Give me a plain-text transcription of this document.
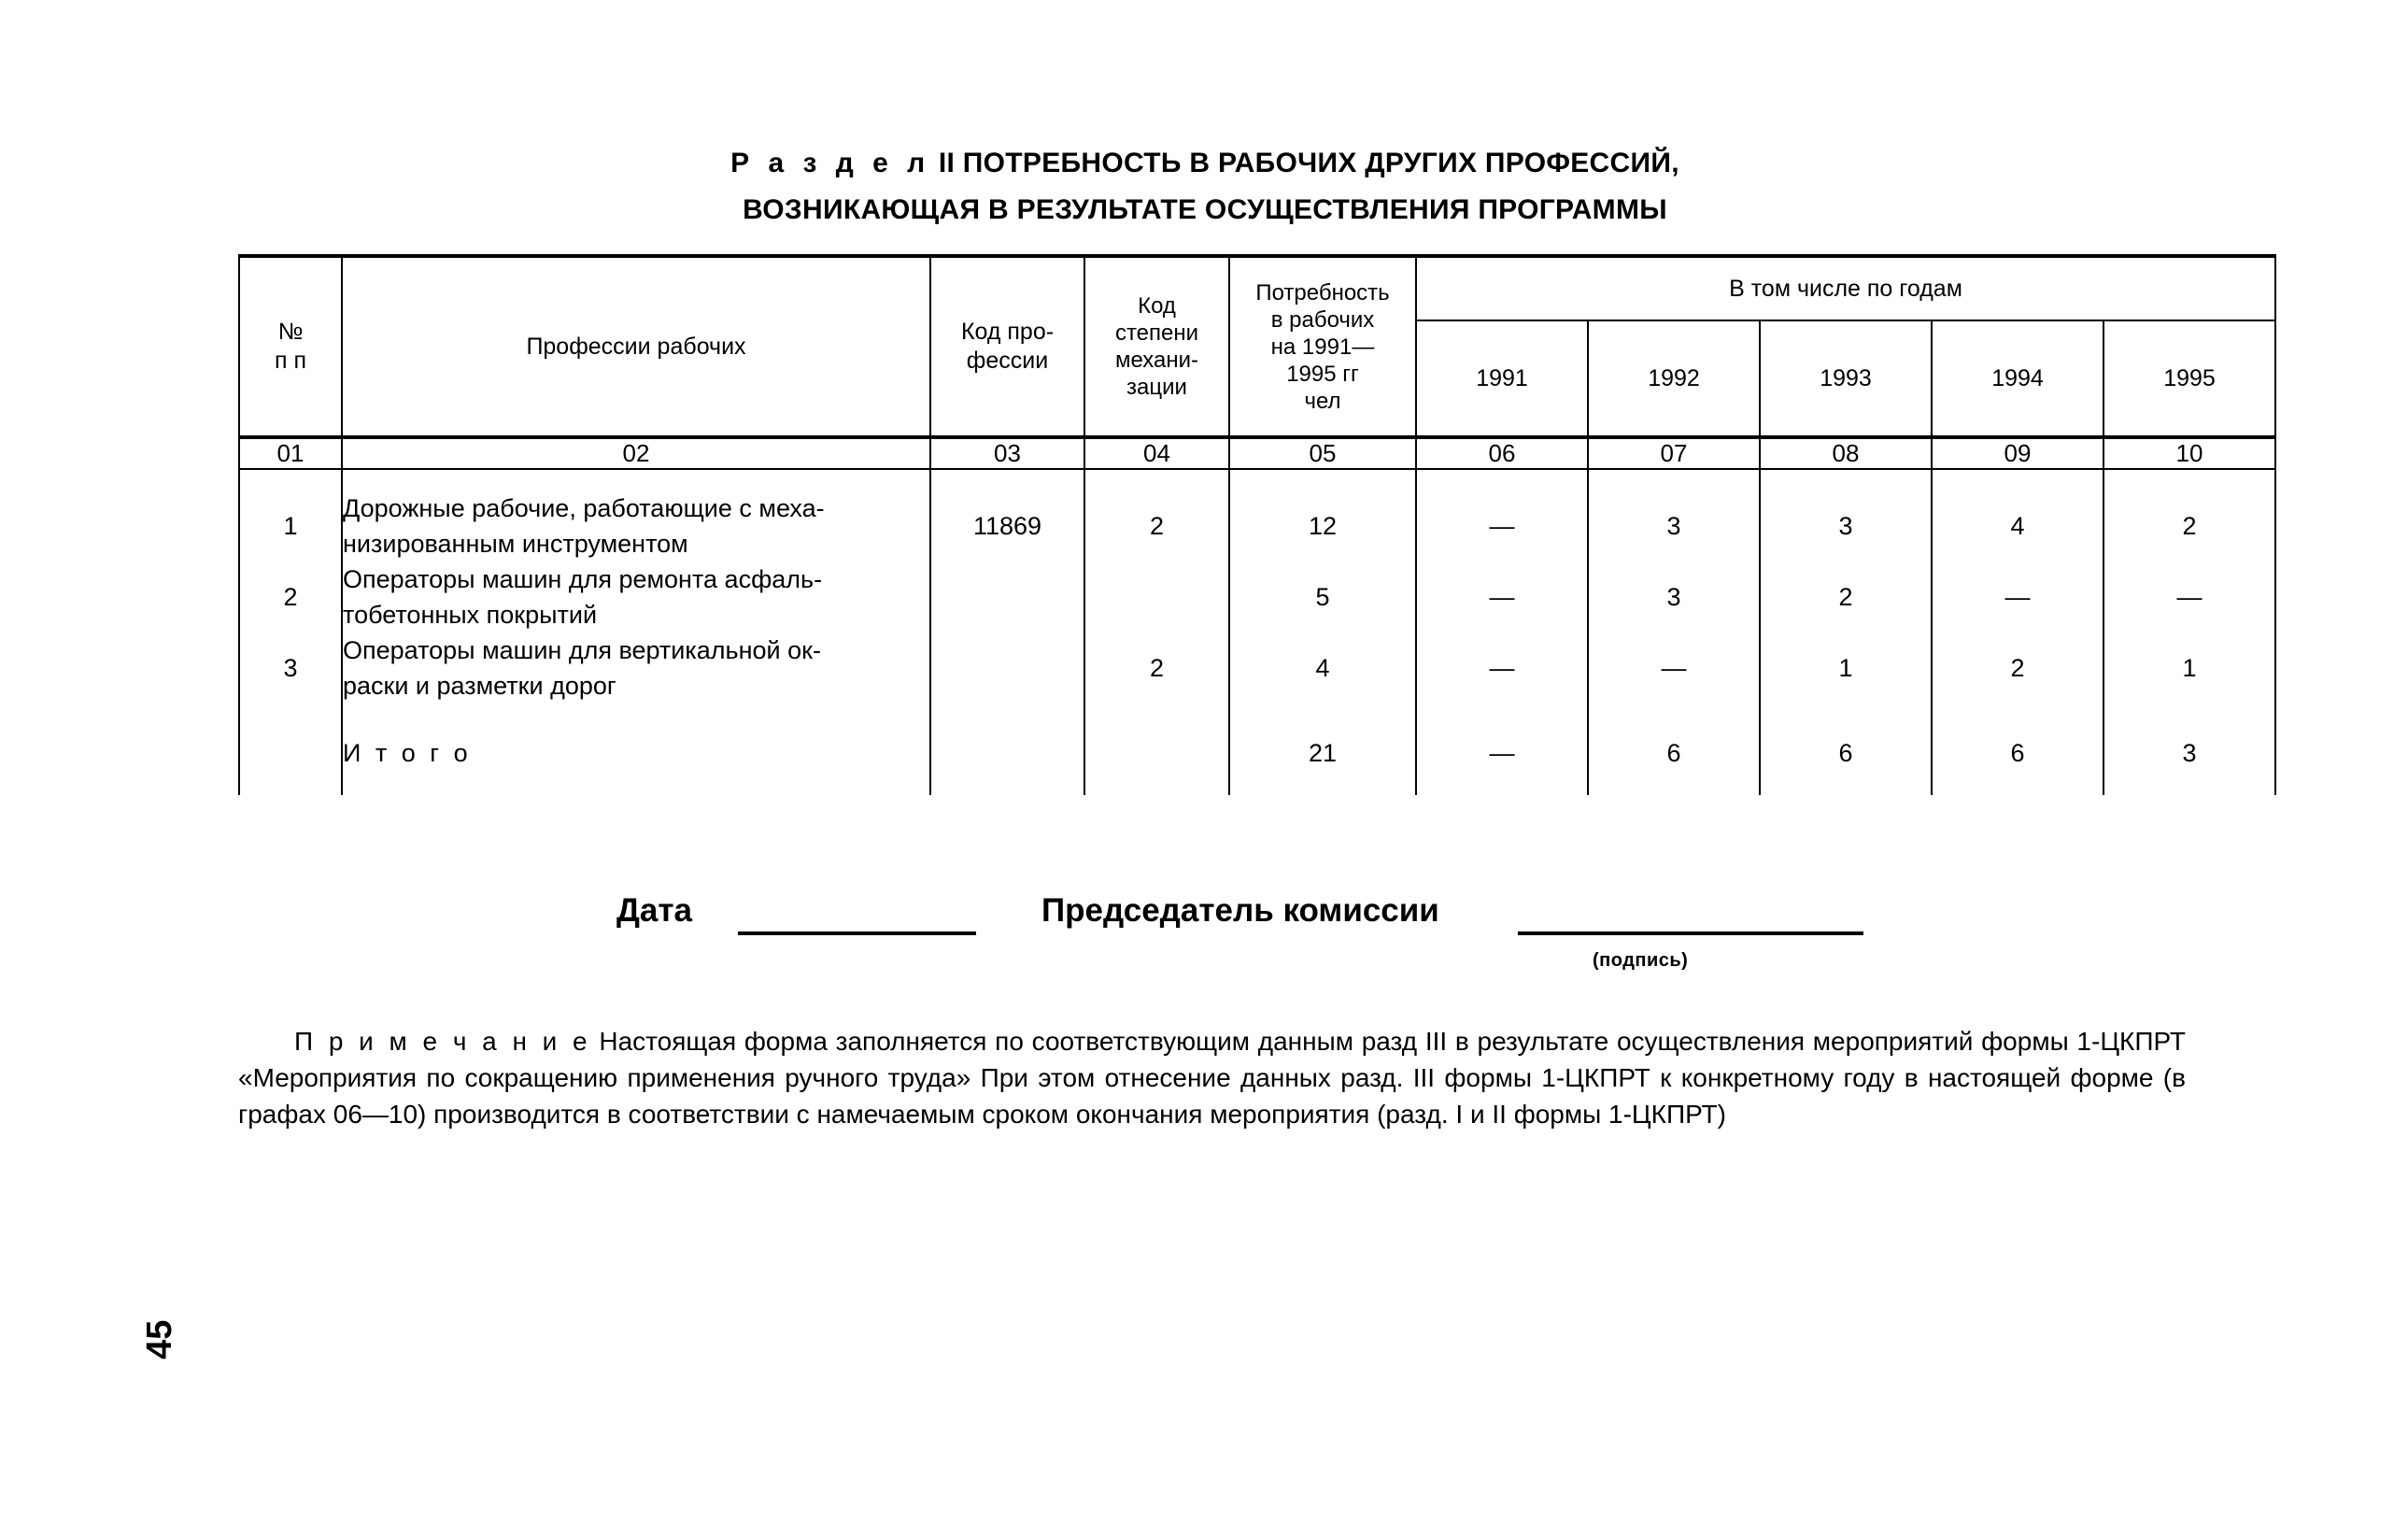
Р а з д е л II ПОТРЕБНОСТЬ В РАБОЧИХ ДРУГИХ ПРОФЕССИЙ,
ВОЗНИКАЮЩАЯ В РЕЗУЛЬТАТЕ ОСУЩЕСТВЛЕНИЯ ПРОГРАММЫ
№
п п
	Профессии рабочих	
Код про-
фессии

Код
степени
механи-
зации

Потребность
в рабочих
на 1991—
1995 гг
чел
	В том числе по годам
					1991	1992	1993	1994	1995
01	02	03	04	05	06	07	08	09	10

1	Дорожные рабочие, работающие с меха-
низированным инструментом	11869	2	12	—	3	3	4	2
2	Операторы машин для ремонта асфаль-
тобетонных покрытий			5	—	3	2	—	—
3	Операторы машин для вертикальной ок-
раски и разметки дорог		2	4	—	—	1	2	1

	И т о г о			21	—	6	6	6	3

Дата	Председатель комиссии
(подпись)

П р и м е ч а н и е Настоящая форма заполняется по соответствующим данным разд III в результате осуществления мероприятий формы 1-ЦКПРТ «Мероприятия по сокращению применения ручного труда» При этом отнесение данных разд. III формы 1-ЦКПРТ к конкретному году в настоящей форме (в графах 06—10) производится в соответствии с намечаемым сроком окончания мероприятия (разд. I и II формы 1-ЦКПРТ)

45
